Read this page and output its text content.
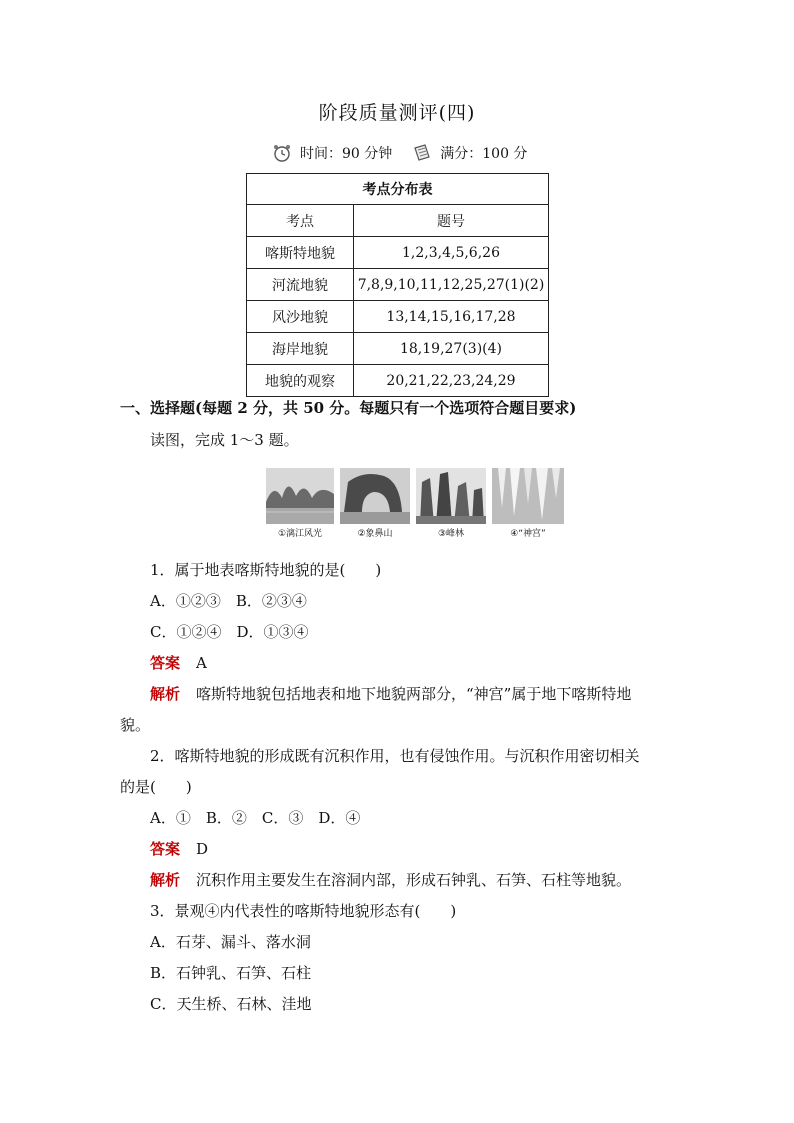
阶段质量测评(四)
时间：90 分钟	满分：100 分
考点分布表	
考点	题号
喀斯特地貌	1,2,3,4,5,6,26
河流地貌	7,8,9,10,11,12,25,27(1)(2)
风沙地貌	13,14,15,16,17,28
海岸地貌	18,19,27(3)(4)
地貌的观察	20,21,22,23,24,29
一、选择题(每题 2 分，共 50 分。每题只有一个选项符合题目要求)
读图，完成 1～3 题。
①漓江风光	②象鼻山	③峰林	④“神宫”
1．属于地表喀斯特地貌的是(　　)
A．①②③　B．②③④
C．①②④　D．①③④
答案 A
解析 喀斯特地貌包括地表和地下地貌两部分，“神宫”属于地下喀斯特地
貌。
2．喀斯特地貌的形成既有沉积作用，也有侵蚀作用。与沉积作用密切相关
的是(　　)
A．①　B．②　C．③　D．④
答案 D
解析 沉积作用主要发生在溶洞内部，形成石钟乳、石笋、石柱等地貌。
3．景观④内代表性的喀斯特地貌形态有(　　)
A．石芽、漏斗、落水洞
B．石钟乳、石笋、石柱
C．天生桥、石林、洼地
